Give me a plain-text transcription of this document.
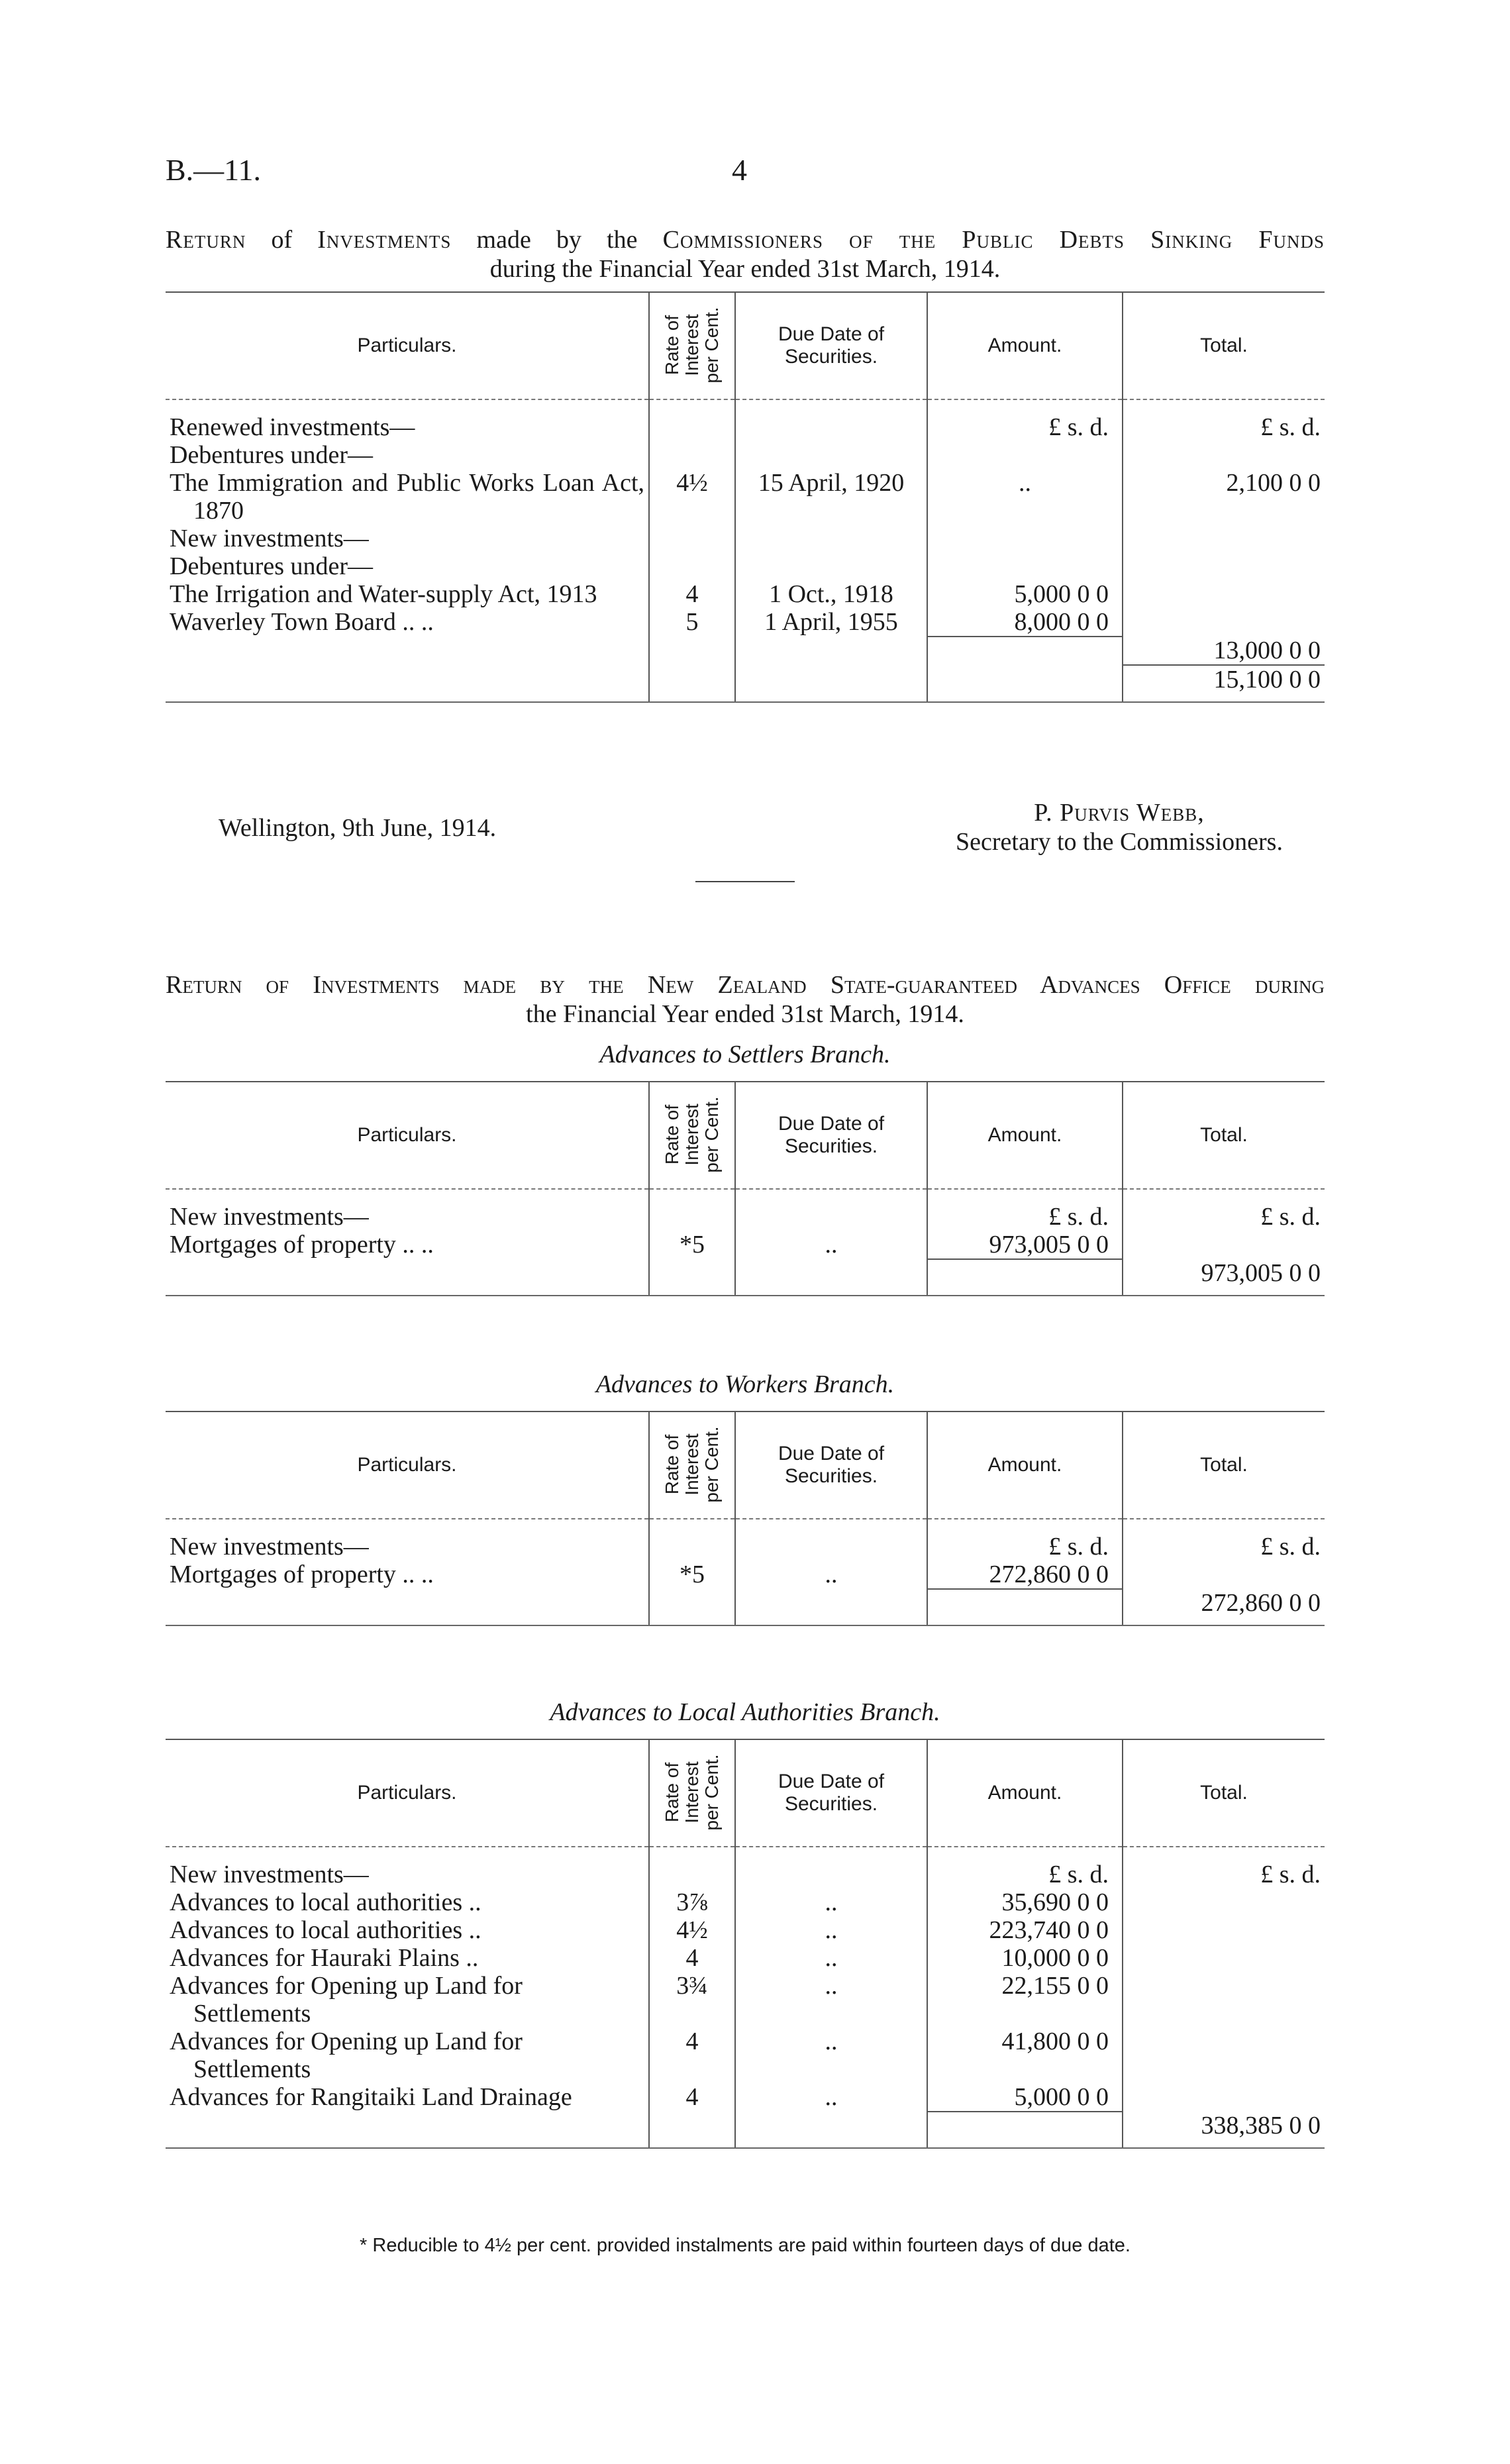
B.—11.	4
Return of Investments made by the Commissioners of the Public Debts Sinking Funds
during the Financial Year ended 31st March, 1914.
Particulars.	Rate of Interest per Cent.	Due Date of Securities.	Amount.	Total.
Renewed investments—			£ s. d.	£ s. d.
Debentures under—				

The Immigration and Public Works Loan Act, 1870	4½	15 April, 1920	..	2,100 0 0
New investments—				
Debentures under—				

The Irrigation and Water-supply Act, 1913	4	1 Oct., 1918	5,000 0 0	
Waverley Town Board .. ..	5	1 April, 1955	8,000 0 0	
				13,000 0 0
				15,100 0 0
Wellington, 9th June, 1914.
P. Purvis Webb,
Secretary to the Commissioners.
Return of Investments made by the New Zealand State-guaranteed Advances Office during
the Financial Year ended 31st March, 1914.
Advances to Settlers Branch.
Particulars.	Rate of Interest per Cent.	Due Date of Securities.	Amount.	Total.
New investments—			£ s. d.	£ s. d.
Mortgages of property .. ..	*5	..	973,005 0 0	
				973,005 0 0
Advances to Workers Branch.
Particulars.	Rate of Interest per Cent.	Due Date of Securities.	Amount.	Total.
New investments—			£ s. d.	£ s. d.
Mortgages of property .. ..	*5	..	272,860 0 0	
				272,860 0 0
Advances to Local Authorities Branch.
Particulars.	Rate of Interest per Cent.	Due Date of Securities.	Amount.	Total.
New investments—			£ s. d.	£ s. d.
Advances to local authorities ..	3⅞	..	35,690 0 0	
Advances to local authorities ..	4½	..	223,740 0 0	
Advances for Hauraki Plains ..	4	..	10,000 0 0	

Advances for Opening up Land for Settlements	3¾	..	22,155 0 0	

Advances for Opening up Land for Settlements	4	..	41,800 0 0	
Advances for Rangitaiki Land Drainage	4	..	5,000 0 0	
				338,385 0 0
* Reducible to 4½ per cent. provided instalments are paid within fourteen days of due date.
